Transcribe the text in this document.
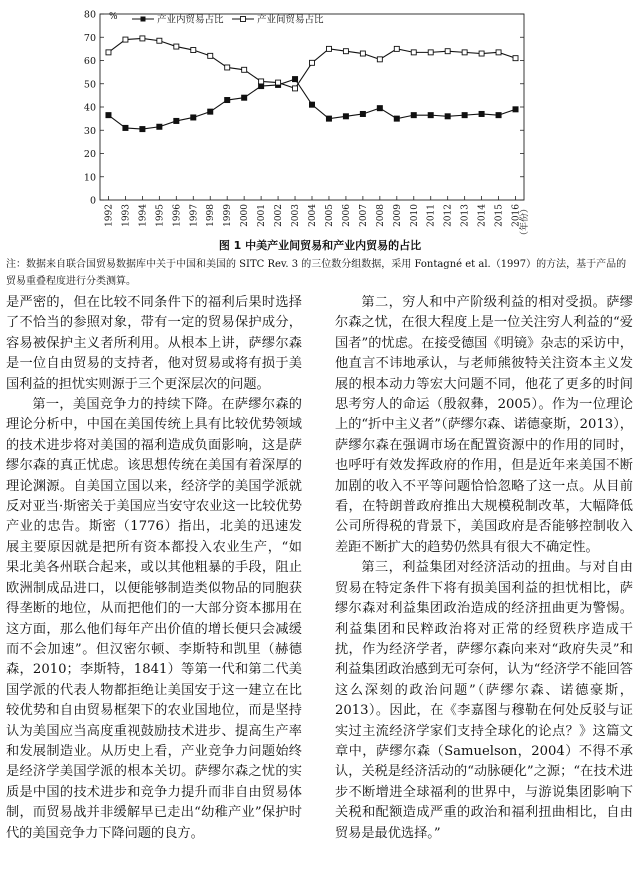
0
10
20
30
40
50
60
70
80 %
1992 1993 1994 1995 1996 1997 1998 1999 2000 2001 2002 2003 2004 2005 2006 2007 2008 2009 2010 2011 2012 2013 2014 2015 2016
（年份）
产业内贸易占比	产业间贸易占比
图 1 中美产业间贸易和产业内贸易的占比
注：数据来自联合国贸易数据库中关于中国和美国的 SITC Rev. 3 的三位数分组数据，采用 Fontagné et al.（1997）的方法，基于产品的贸易重叠程度进行分类测算。

是严密的，但在比较不同条件下的福利后果时选择了不恰当的参照对象，带有一定的贸易保护成分，容易被保护主义者所利用。从根本上讲，萨缪尔森是一位自由贸易的支持者，他对贸易或将有损于美国利益的担忧实则源于三个更深层次的问题。

第一，美国竞争力的持续下降。在萨缪尔森的理论分析中，中国在美国传统上具有比较优势领域的技术进步将对美国的福利造成负面影响，这是萨缪尔森的真正忧虑。该思想传统在美国有着深厚的理论渊源。自美国立国以来，经济学的美国学派就反对亚当·斯密关于美国应当安守农业这一比较优势产业的忠告。斯密（1776）指出，北美的迅速发展主要原因就是把所有资本都投入农业生产，“如果北美各州联合起来，或以其他粗暴的手段，阻止欧洲制成品进口，以便能够制造类似物品的同胞获得垄断的地位，从而把他们的一大部分资本挪用在这方面，那么他们每年产出价值的增长便只会减缓而不会加速”。但汉密尔顿、李斯特和凯里（赫德森，2010；李斯特，1841）等第一代和第二代美国学派的代表人物都拒绝让美国安于这一建立在比较优势和自由贸易框架下的农业国地位，而是坚持认为美国应当高度重视鼓励技术进步、提高生产率和发展制造业。从历史上看，产业竞争力问题始终是经济学美国学派的根本关切。萨缪尔森之忧的实质是中国的技术进步和竞争力提升而非自由贸易体制，而贸易战并非缓解早已走出“幼稚产业”保护时代的美国竞争力下降问题的良方。

第二，穷人和中产阶级利益的相对受损。萨缪尔森之忧，在很大程度上是一位关注穷人利益的“爱国者”的忧虑。在接受德国《明镜》杂志的采访中，他直言不讳地承认，与老师熊彼特关注资本主义发展的根本动力等宏大问题不同，他花了更多的时间思考穷人的命运（殷叙彝，2005）。作为一位理论上的“折中主义者”（萨缪尔森、诺德豪斯，2013），萨缪尔森在强调市场在配置资源中的作用的同时，也呼吁有效发挥政府的作用，但是近年来美国不断加剧的收入不平等问题恰恰忽略了这一点。从目前看，在特朗普政府推出大规模税制改革，大幅降低公司所得税的背景下，美国政府是否能够控制收入差距不断扩大的趋势仍然具有很大不确定性。

第三，利益集团对经济活动的扭曲。与对自由贸易在特定条件下将有损美国利益的担忧相比，萨缪尔森对利益集团政治造成的经济扭曲更为警惕。利益集团和民粹政治将对正常的经贸秩序造成干扰，作为经济学者，萨缪尔森向来对“政府失灵”和利益集团政治感到无可奈何，认为“经济学不能回答这么深刻的政治问题”（萨缪尔森、诺德豪斯，2013）。因此，在《李嘉图与穆勒在何处反驳与证实过主流经济学家们支持全球化的论点？》这篇文章中，萨缪尔森（Samuelson，2004）不得不承认，关税是经济活动的“动脉硬化”之源；“在技术进步不断增进全球福利的世界中，与游说集团影响下关税和配额造成严重的政治和福利扭曲相比，自由贸易是最优选择。”
